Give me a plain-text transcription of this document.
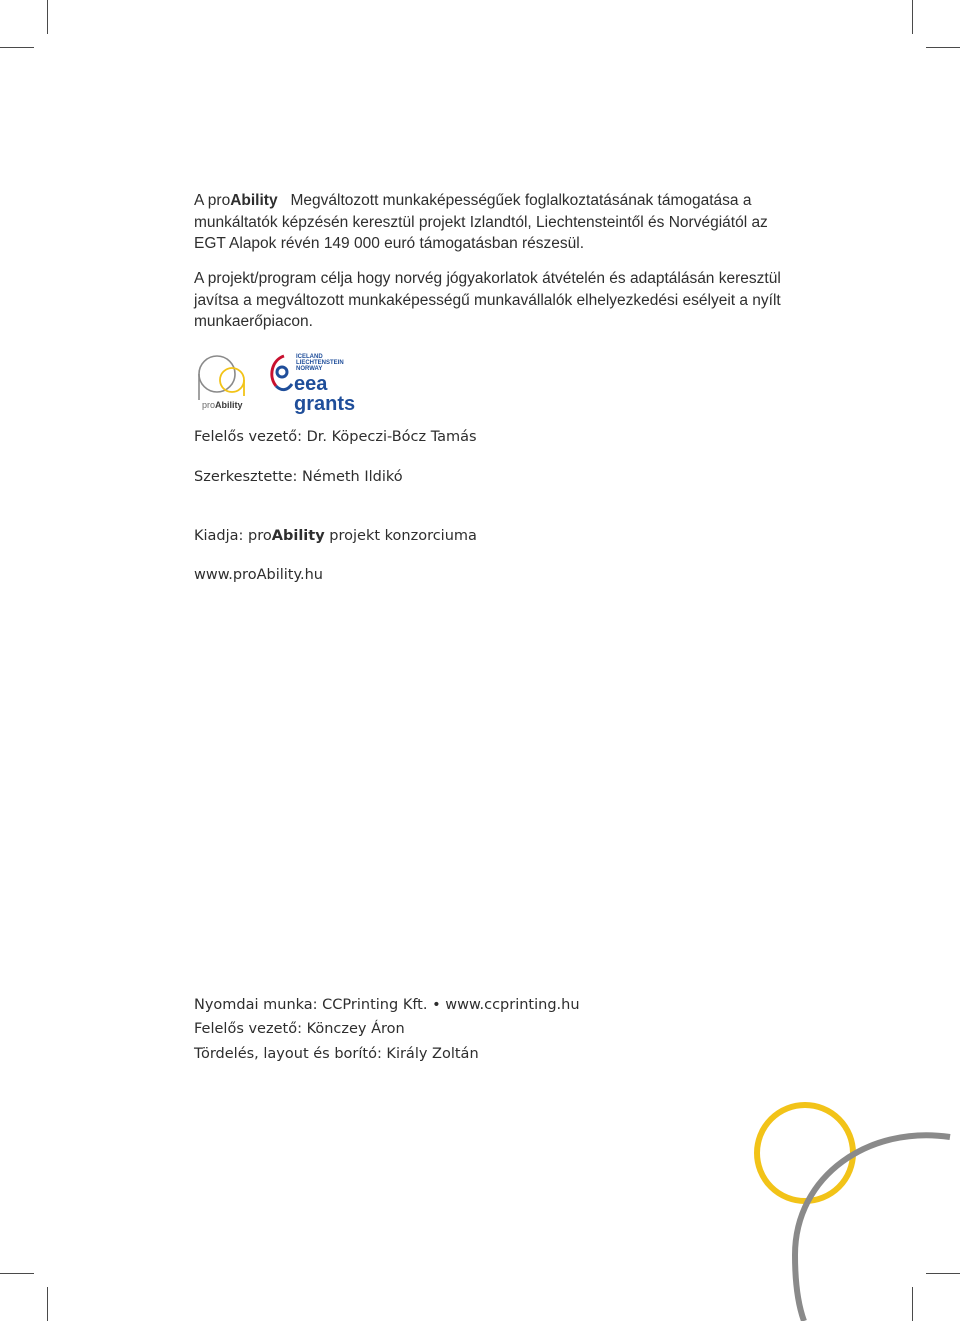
A proAbility Megváltozott munkaképességűek foglalkoztatásának támogatása a munkáltatók képzésén keresztül projekt Izlandtól, Liechtensteintől és Norvégiától az EGT Alapok révén 149 000 euró támogatásban részesül.
A projekt/program célja hogy norvég jógyakorlatok átvételén és adaptálásán keresztül javítsa a megváltozott munkaképességű munkavállalók elhelyezkedési esélyeit a nyílt munkaerőpiacon.
proAbility
ICELAND
LIECHTENSTEIN
NORWAY
eea
grants
Felelős vezető: Dr. Köpeczi-Bócz Tamás
Szerkesztette: Németh Ildikó
Kiadja: proAbility projekt konzorciuma
www.proAbility.hu
Nyomdai munka: CCPrinting Kft. • www.ccprinting.hu
Felelős vezető: Könczey Áron
Tördelés, layout és borító: Király Zoltán
